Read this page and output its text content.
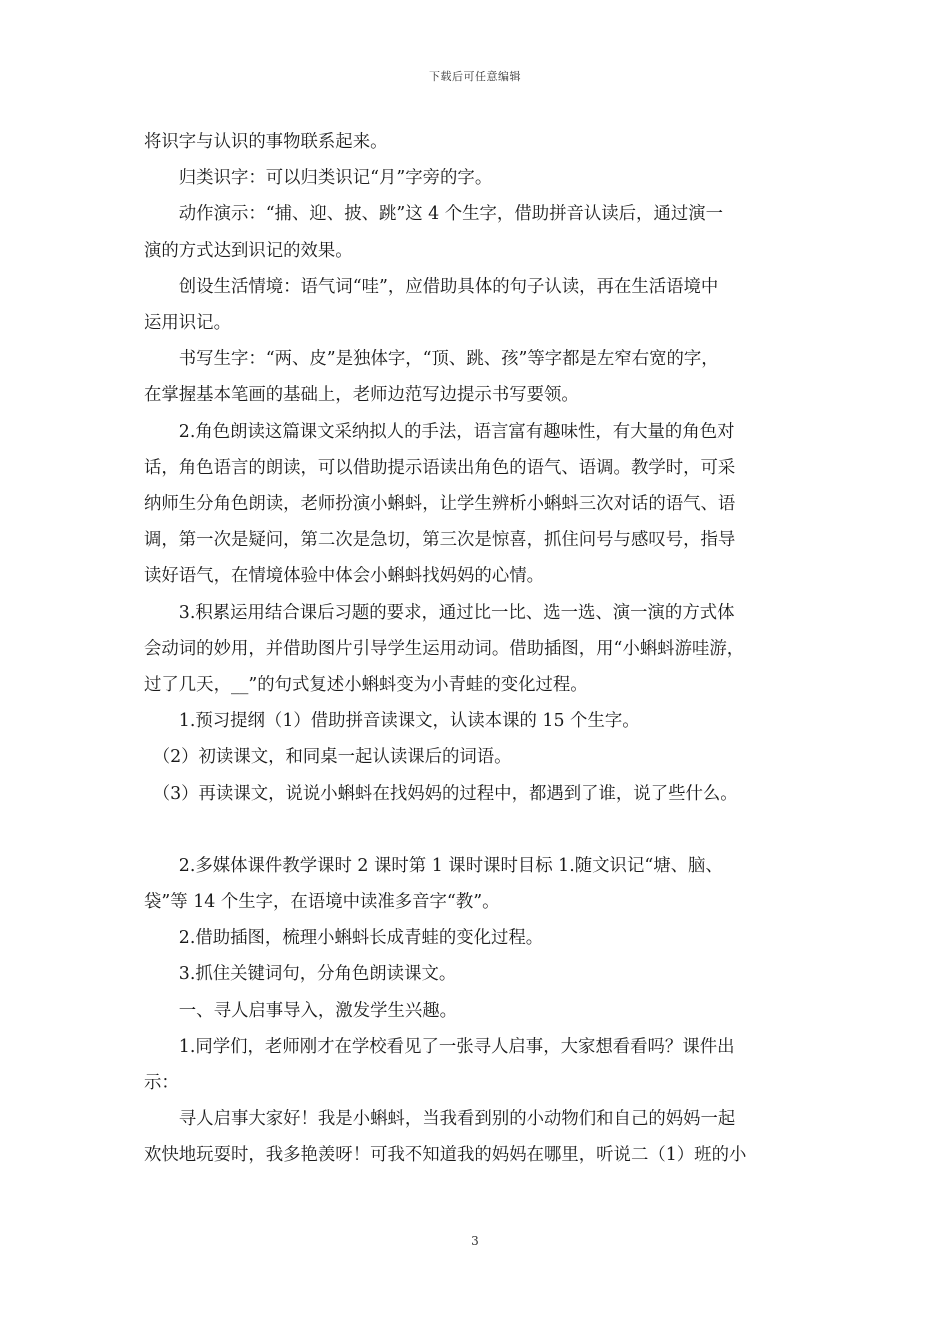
下载后可任意编辑

将识字与认识的事物联系起来。

　　归类识字：可以归类识记“月”字旁的字。

　　动作演示：“捕、迎、披、跳”这 4 个生字，借助拼音认读后，通过演一

演的方式达到识记的效果。

　　创设生活情境：语气词“哇”，应借助具体的句子认读，再在生活语境中

运用识记。

　　书写生字：“两、皮”是独体字，“顶、跳、孩”等字都是左窄右宽的字，

在掌握基本笔画的基础上，老师边范写边提示书写要领。

　　2.角色朗读这篇课文采纳拟人的手法，语言富有趣味性，有大量的角色对

话，角色语言的朗读，可以借助提示语读出角色的语气、语调。教学时，可采

纳师生分角色朗读，老师扮演小蝌蚪，让学生辨析小蝌蚪三次对话的语气、语

调，第一次是疑问，第二次是急切，第三次是惊喜，抓住问号与感叹号，指导

读好语气，在情境体验中体会小蝌蚪找妈妈的心情。

　　3.积累运用结合课后习题的要求，通过比一比、选一选、演一演的方式体

会动词的妙用，并借助图片引导学生运用动词。借助插图，用“小蝌蚪游哇游，

过了几天，__”的句式复述小蝌蚪变为小青蛙的变化过程。

　　1.预习提纲（1）借助拼音读课文，认读本课的 15 个生字。

　（2）初读课文，和同桌一起认读课后的词语。

　（3）再读课文，说说小蝌蚪在找妈妈的过程中，都遇到了谁，说了些什么。

　　2.多媒体课件教学课时 2 课时第 1 课时课时目标 1.随文识记“塘、脑、

袋”等 14 个生字，在语境中读准多音字“教”。

　　2.借助插图，梳理小蝌蚪长成青蛙的变化过程。

　　3.抓住关键词句，分角色朗读课文。

　　一、寻人启事导入，激发学生兴趣。

　　1.同学们，老师刚才在学校看见了一张寻人启事，大家想看看吗？课件出

示：

　　寻人启事大家好！我是小蝌蚪，当我看到别的小动物们和自己的妈妈一起

欢快地玩耍时，我多艳羡呀！可我不知道我的妈妈在哪里，听说二（1）班的小

3
